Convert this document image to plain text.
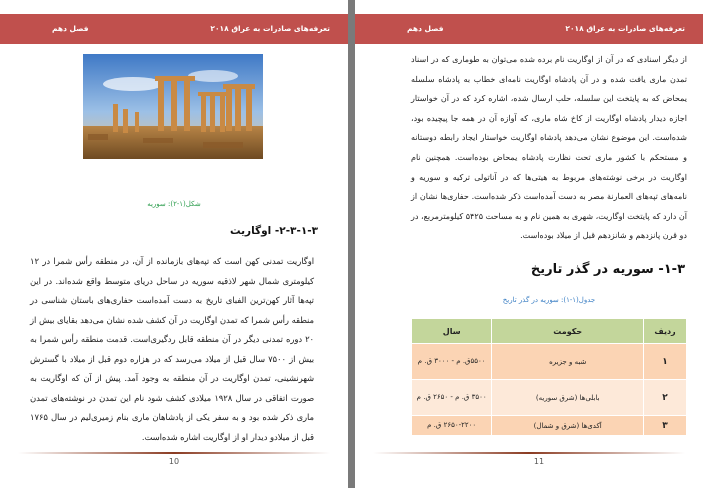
تعرفه‌های صادرات به عراق ۲۰۱۸
فصل دهم
شکل(۱-۲): سوریه
۲-۳-۱-۳- اوگاریت
اوگاریت تمدنی کهن است که تپه‌های بازمانده از آن، در منطقه رأس شمرا در ۱۲ کیلومتری شمال شهر لاذقیه سوریه در ساحل دریای متوسط واقع شده‌اند. در این تپه‌ها آثار کهن‌ترین الفبای تاریخ به دست آمده‌است حفاری‌های باستان شناسی در منطقه رأس شمرا که تمدن اوگاریت در آن کشف شده نشان می‌دهد بقایای بیش از ۲۰ دوره تمدنی دیگر در آن منطقه قابل ردگیری‌است. قدمت منطقه رأس شمرا به بیش از ۷۵۰۰ سال قبل از میلاد می‌رسد که در هزاره دوم قبل از میلاد با گسترش شهرنشینی، تمدن اوگاریت در آن منطقه به وجود آمد. پیش از آن که اوگاریت به صورت اتفاقی در سال ۱۹۲۸ میلادی کشف شود نام این تمدن در نوشته‌های تمدن ماری ذکر شده بود و به سفر یکی از پادشاهان ماری بنام زمیری‌لیم در سال ۱۷۶۵ قبل از میلادو دیدار او از اوگاریت اشاره شده‌است.
10
تعرفه‌های صادرات به عراق ۲۰۱۸
فصل دهم
از دیگر اسنادی که در آن از اوگاریت نام برده شده می‌توان به طوماری که در اسناد تمدن ماری یافت شده و در آن پادشاه اوگاریت نامه‌ای خطاب به پادشاه سلسله یمحاض که به پایتخت این سلسله، حلب ارسال شده، اشاره کرد که در آن خواستار اجازه دیدار پادشاه اوگاریت از کاخ شاه ماری، که آوازه آن در همه جا پیچیده بود، شده‌است. این موضوع نشان می‌دهد پادشاه اوگاریت خواستار ایجاد رابطه دوستانه و مستحکم با کشور ماری تحت نظارت پادشاه یمحاض بوده‌است. همچنین نام اوگاریت در برخی نوشته‌های مربوط به هیتی‌ها که در آناتولی ترکیه و سوریه و نامه‌های تپه‌های العمارنة مصر به دست آمده‌است ذکر شده‌است. حفاری‌ها نشان از آن دارد که پایتخت اوگاریت، شهری به همین نام و به مساحت ۵۴۲۵ کیلومترمربع، در دو قرن پانزدهم و شانزدهم قبل از میلاد بوده‌است.
۱-۳- سوریه در گذر تاریخ
جدول(۱-۱): سوریه در گذر تاریخ
ردیف	حکومت	سال
۱	شبه و جزیره	۵۵۰۰ق. م - ۳۰۰۰ ق. م
۲	بابلی‌ها (شرق سوریه)	۳۵۰۰ ق. م - ۲۶۵۰ ق. م
۳	آکدی‌ها (شرق و شمال)	۲۶۵۰-۲۲۰۰ ق. م
11
